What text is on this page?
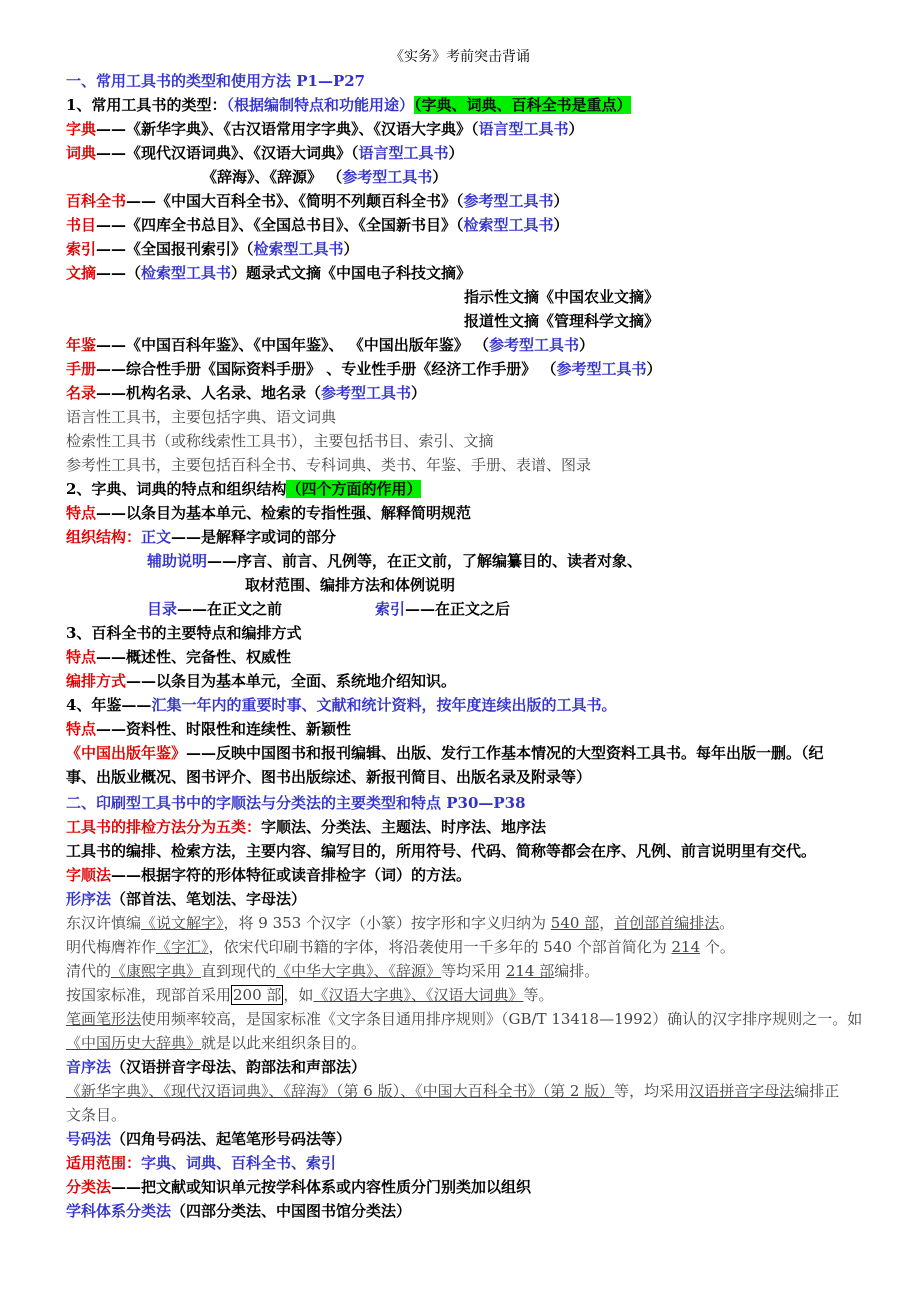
《实务》考前突击背诵
一、常用工具书的类型和使用方法 P1—P27
1、常用工具书的类型：（根据编制特点和功能用途）（字典、词典、百科全书是重点）
字典——《新华字典》、《古汉语常用字字典》、《汉语大字典》（语言型工具书）
词典——《现代汉语词典》、《汉语大词典》（语言型工具书）
《辞海》、《辞源》 （参考型工具书）
百科全书——《中国大百科全书》、《简明不列颠百科全书》（参考型工具书）
书目——《四库全书总目》、《全国总书目》、《全国新书目》（检索型工具书）
索引——《全国报刊索引》（检索型工具书）
文摘——（检索型工具书）题录式文摘《中国电子科技文摘》
指示性文摘《中国农业文摘》
报道性文摘《管理科学文摘》
年鉴——《中国百科年鉴》、《中国年鉴》、 《中国出版年鉴》 （参考型工具书）
手册——综合性手册《国际资料手册》 、专业性手册《经济工作手册》 （参考型工具书）
名录——机构名录、人名录、地名录（参考型工具书）
语言性工具书，主要包括字典、语文词典
检索性工具书（或称线索性工具书），主要包括书目、索引、文摘
参考性工具书，主要包括百科全书、专科词典、类书、年鉴、手册、表谱、图录
2、字典、词典的特点和组织结构（四个方面的作用）
特点——以条目为基本单元、检索的专指性强、解释简明规范
组织结构：正文——是解释字或词的部分
辅助说明——序言、前言、凡例等，在正文前，了解编纂目的、读者对象、
取材范围、编排方法和体例说明
目录——在正文之前	索引——在正文之后
3、百科全书的主要特点和编排方式
特点——概述性、完备性、权威性
编排方式——以条目为基本单元，全面、系统地介绍知识。
4、年鉴——汇集一年内的重要时事、文献和统计资料，按年度连续出版的工具书。
特点——资料性、时限性和连续性、新颖性
《中国出版年鉴》——反映中国图书和报刊编辑、出版、发行工作基本情况的大型资料工具书。每年出版一删。（纪
事、出版业概况、图书评介、图书出版综述、新报刊简目、出版名录及附录等）
二、印刷型工具书中的字顺法与分类法的主要类型和特点 P30—P38
工具书的排检方法分为五类：字顺法、分类法、主题法、时序法、地序法
工具书的编排、检索方法，主要内容、编写目的，所用符号、代码、简称等都会在序、凡例、前言说明里有交代。
字顺法——根据字符的形体特征或读音排检字（词）的方法。
形序法（部首法、笔划法、字母法）
东汉许慎编《说文解字》，将 9 353 个汉字（小篆）按字形和字义归纳为 540 部，首创部首编排法。
明代梅膺祚作《字汇》，依宋代印刷书籍的字体，将沿袭使用一千多年的 540 个部首简化为 214 个。
清代的《康熙字典》直到现代的《中华大字典》、《辞源》等均采用 214 部编排。
按国家标准，现部首采用 200 部 ，如《汉语大字典》、《汉语大词典》等。
笔画笔形法使用频率较高，是国家标准《文字条目通用排序规则》（GB/T 13418—1992）确认的汉字排序规则之一。如
《中国历史大辞典》就是以此来组织条目的。
音序法（汉语拼音字母法、韵部法和声部法）
《新华字典》、《现代汉语词典》、《辞海》（第 6 版）、《中国大百科全书》（第 2 版）等，均采用汉语拼音字母法编排正
文条目。
号码法（四角号码法、起笔笔形号码法等）
适用范围：字典、词典、百科全书、索引
分类法——把文献或知识单元按学科体系或内容性质分门别类加以组织
学科体系分类法（四部分类法、中国图书馆分类法）
